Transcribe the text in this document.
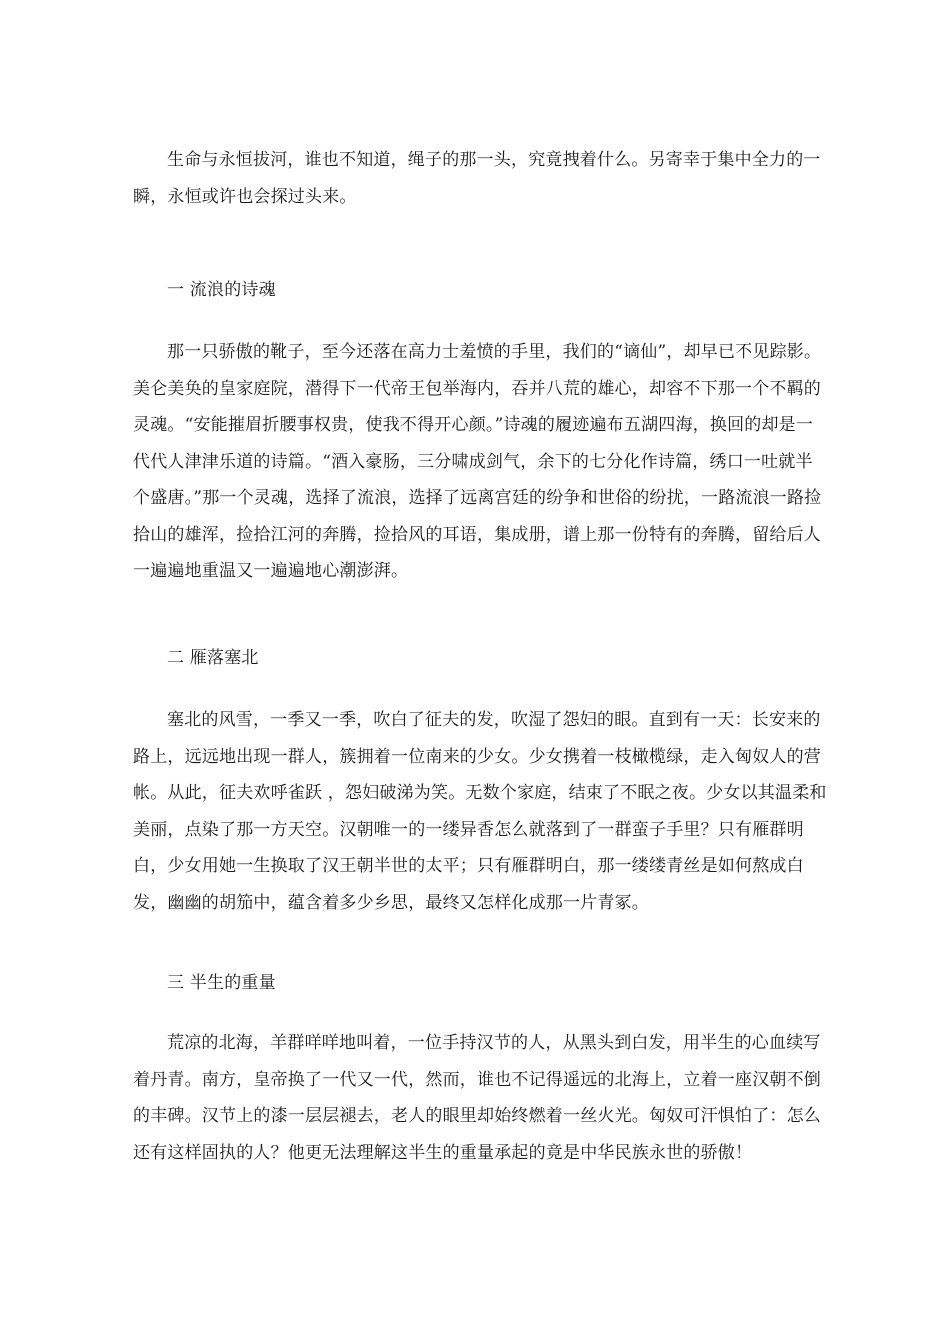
生命与永恒拔河，谁也不知道，绳子的那一头，究竟拽着什么。另寄幸于集中全力的一瞬，永恒或许也会探过头来。

一 流浪的诗魂

那一只骄傲的靴子，至今还落在高力士羞愤的手里，我们的“谪仙”，却早已不见踪影。美仑美奂的皇家庭院，潜得下一代帝王包举海内，吞并八荒的雄心，却容不下那一个不羁的灵魂。“安能摧眉折腰事权贵，使我不得开心颜。”诗魂的履迹遍布五湖四海，换回的却是一代代人津津乐道的诗篇。“酒入豪肠，三分啸成剑气，余下的七分化作诗篇，绣口一吐就半个盛唐。”那一个灵魂，选择了流浪，选择了远离宫廷的纷争和世俗的纷扰，一路流浪一路捡拾山的雄浑，捡拾江河的奔腾，捡拾风的耳语，集成册，谱上那一份特有的奔腾，留给后人一遍遍地重温又一遍遍地心潮澎湃。

二 雁落塞北

塞北的风雪，一季又一季，吹白了征夫的发，吹湿了怨妇的眼。直到有一天：长安来的路上，远远地出现一群人，簇拥着一位南来的少女。少女携着一枝橄榄绿，走入匈奴人的营帐。从此，征夫欢呼雀跃 ，怨妇破涕为笑。无数个家庭，结束了不眠之夜。少女以其温柔和美丽，点染了那一方天空。汉朝唯一的一缕异香怎么就落到了一群蛮子手里？只有雁群明白，少女用她一生换取了汉王朝半世的太平；只有雁群明白，那一缕缕青丝是如何熬成白发，幽幽的胡笳中，蕴含着多少乡思，最终又怎样化成那一片青冢。

三 半生的重量

荒凉的北海，羊群咩咩地叫着，一位手持汉节的人，从黑头到白发，用半生的心血续写着丹青。南方，皇帝换了一代又一代，然而，谁也不记得遥远的北海上，立着一座汉朝不倒的丰碑。汉节上的漆一层层褪去，老人的眼里却始终燃着一丝火光。匈奴可汗惧怕了：怎么还有这样固执的人？他更无法理解这半生的重量承起的竟是中华民族永世的骄傲！
